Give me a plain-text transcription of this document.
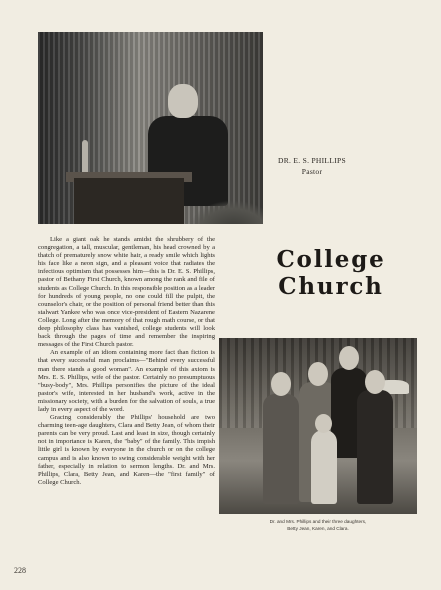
DR. E. S. PHILLIPS
Pastor

Like a giant oak he stands amidst the shrubbery of the congregation, a tall, muscular, gentleman, his head crowned by a thatch of prematurely snow white hair, a ready smile which lights his face like a neon sign, and a pleasant voice that radiates the infectious optimism that possesses him—this is Dr. E. S. Phillips, pastor of Bethany First Church, known among the rank and file of students as College Church. In this responsible position as a leader for hundreds of young people, no one could fill the pulpit, the counselor's chair, or the position of personal friend better than this stalwart Yankee who was once vice-president of Eastern Nazarene College. Long after the memory of that rough math course, or that deep philosophy class has vanished, college students will look back through the pages of time and remember the inspiring messages of the First Church pastor.

An example of an idiom containing more fact than fiction is that every successful man proclaims—"Behind every successful man there stands a good woman". An example of this axiom is Mrs. E. S. Phillips, wife of the pastor. Certainly no presumptuous "busy-body", Mrs. Phillips personifies the picture of the ideal pastor's wife, interested in her husband's work, active in the missionary society, with a burden for the salvation of souls, a true lady in every aspect of the word.

Gracing considerably the Phillips' household are two charming teen-age daughters, Clara and Betty Jean, of whom their parents can be very proud. Last and least in size, though certainly not in importance is Karen, the "baby" of the family. This impish little girl is known by everyone in the church or on the college campus and is also known to swing considerable weight with her father, especially in relation to sermon lengths. Dr. and Mrs. Phillips, Clara, Betty Jean, and Karen—the "first family" of College Church.

College
Church
Dr. and Mrs. Phillips and their three daughters,
Betty Jean, Karen, and Clara.
228
